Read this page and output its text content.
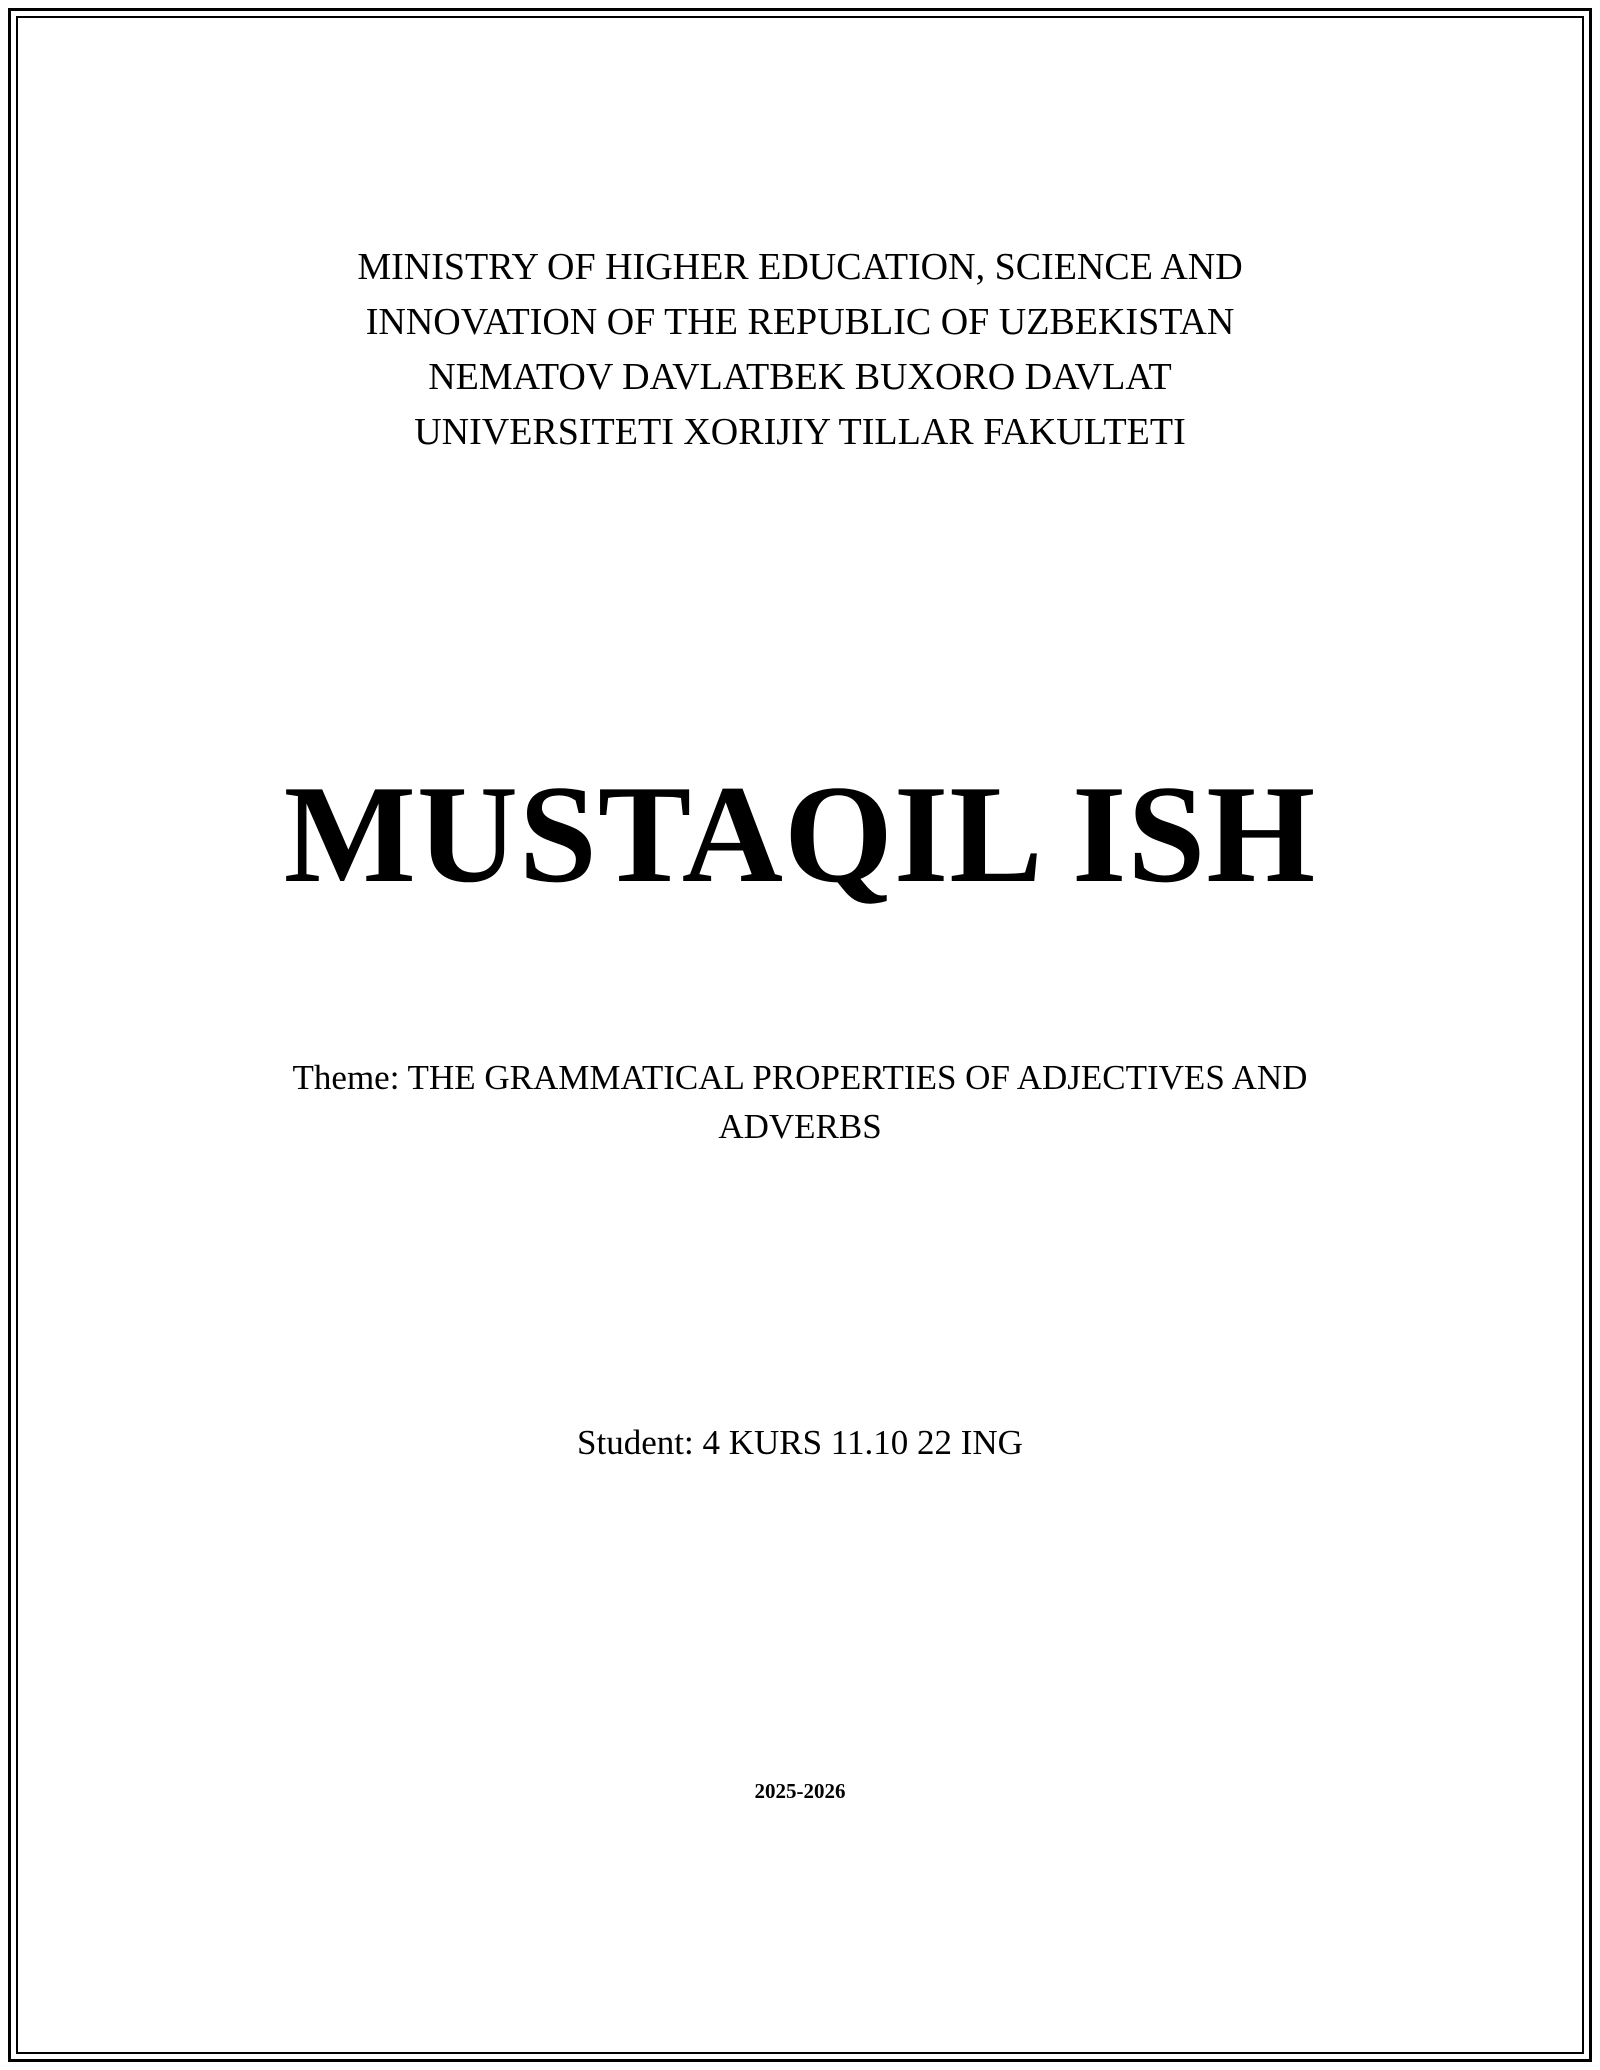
MINISTRY OF HIGHER EDUCATION, SCIENCE AND
INNOVATION OF THE REPUBLIC OF UZBEKISTAN
NEMATOV DAVLATBEK BUXORO DAVLAT
UNIVERSITETI XORIJIY TILLAR FAKULTETI
MUSTAQIL ISH
Theme: THE GRAMMATICAL PROPERTIES OF ADJECTIVES AND ADVERBS
Student: 4 KURS 11.10 22 ING
2025-2026
